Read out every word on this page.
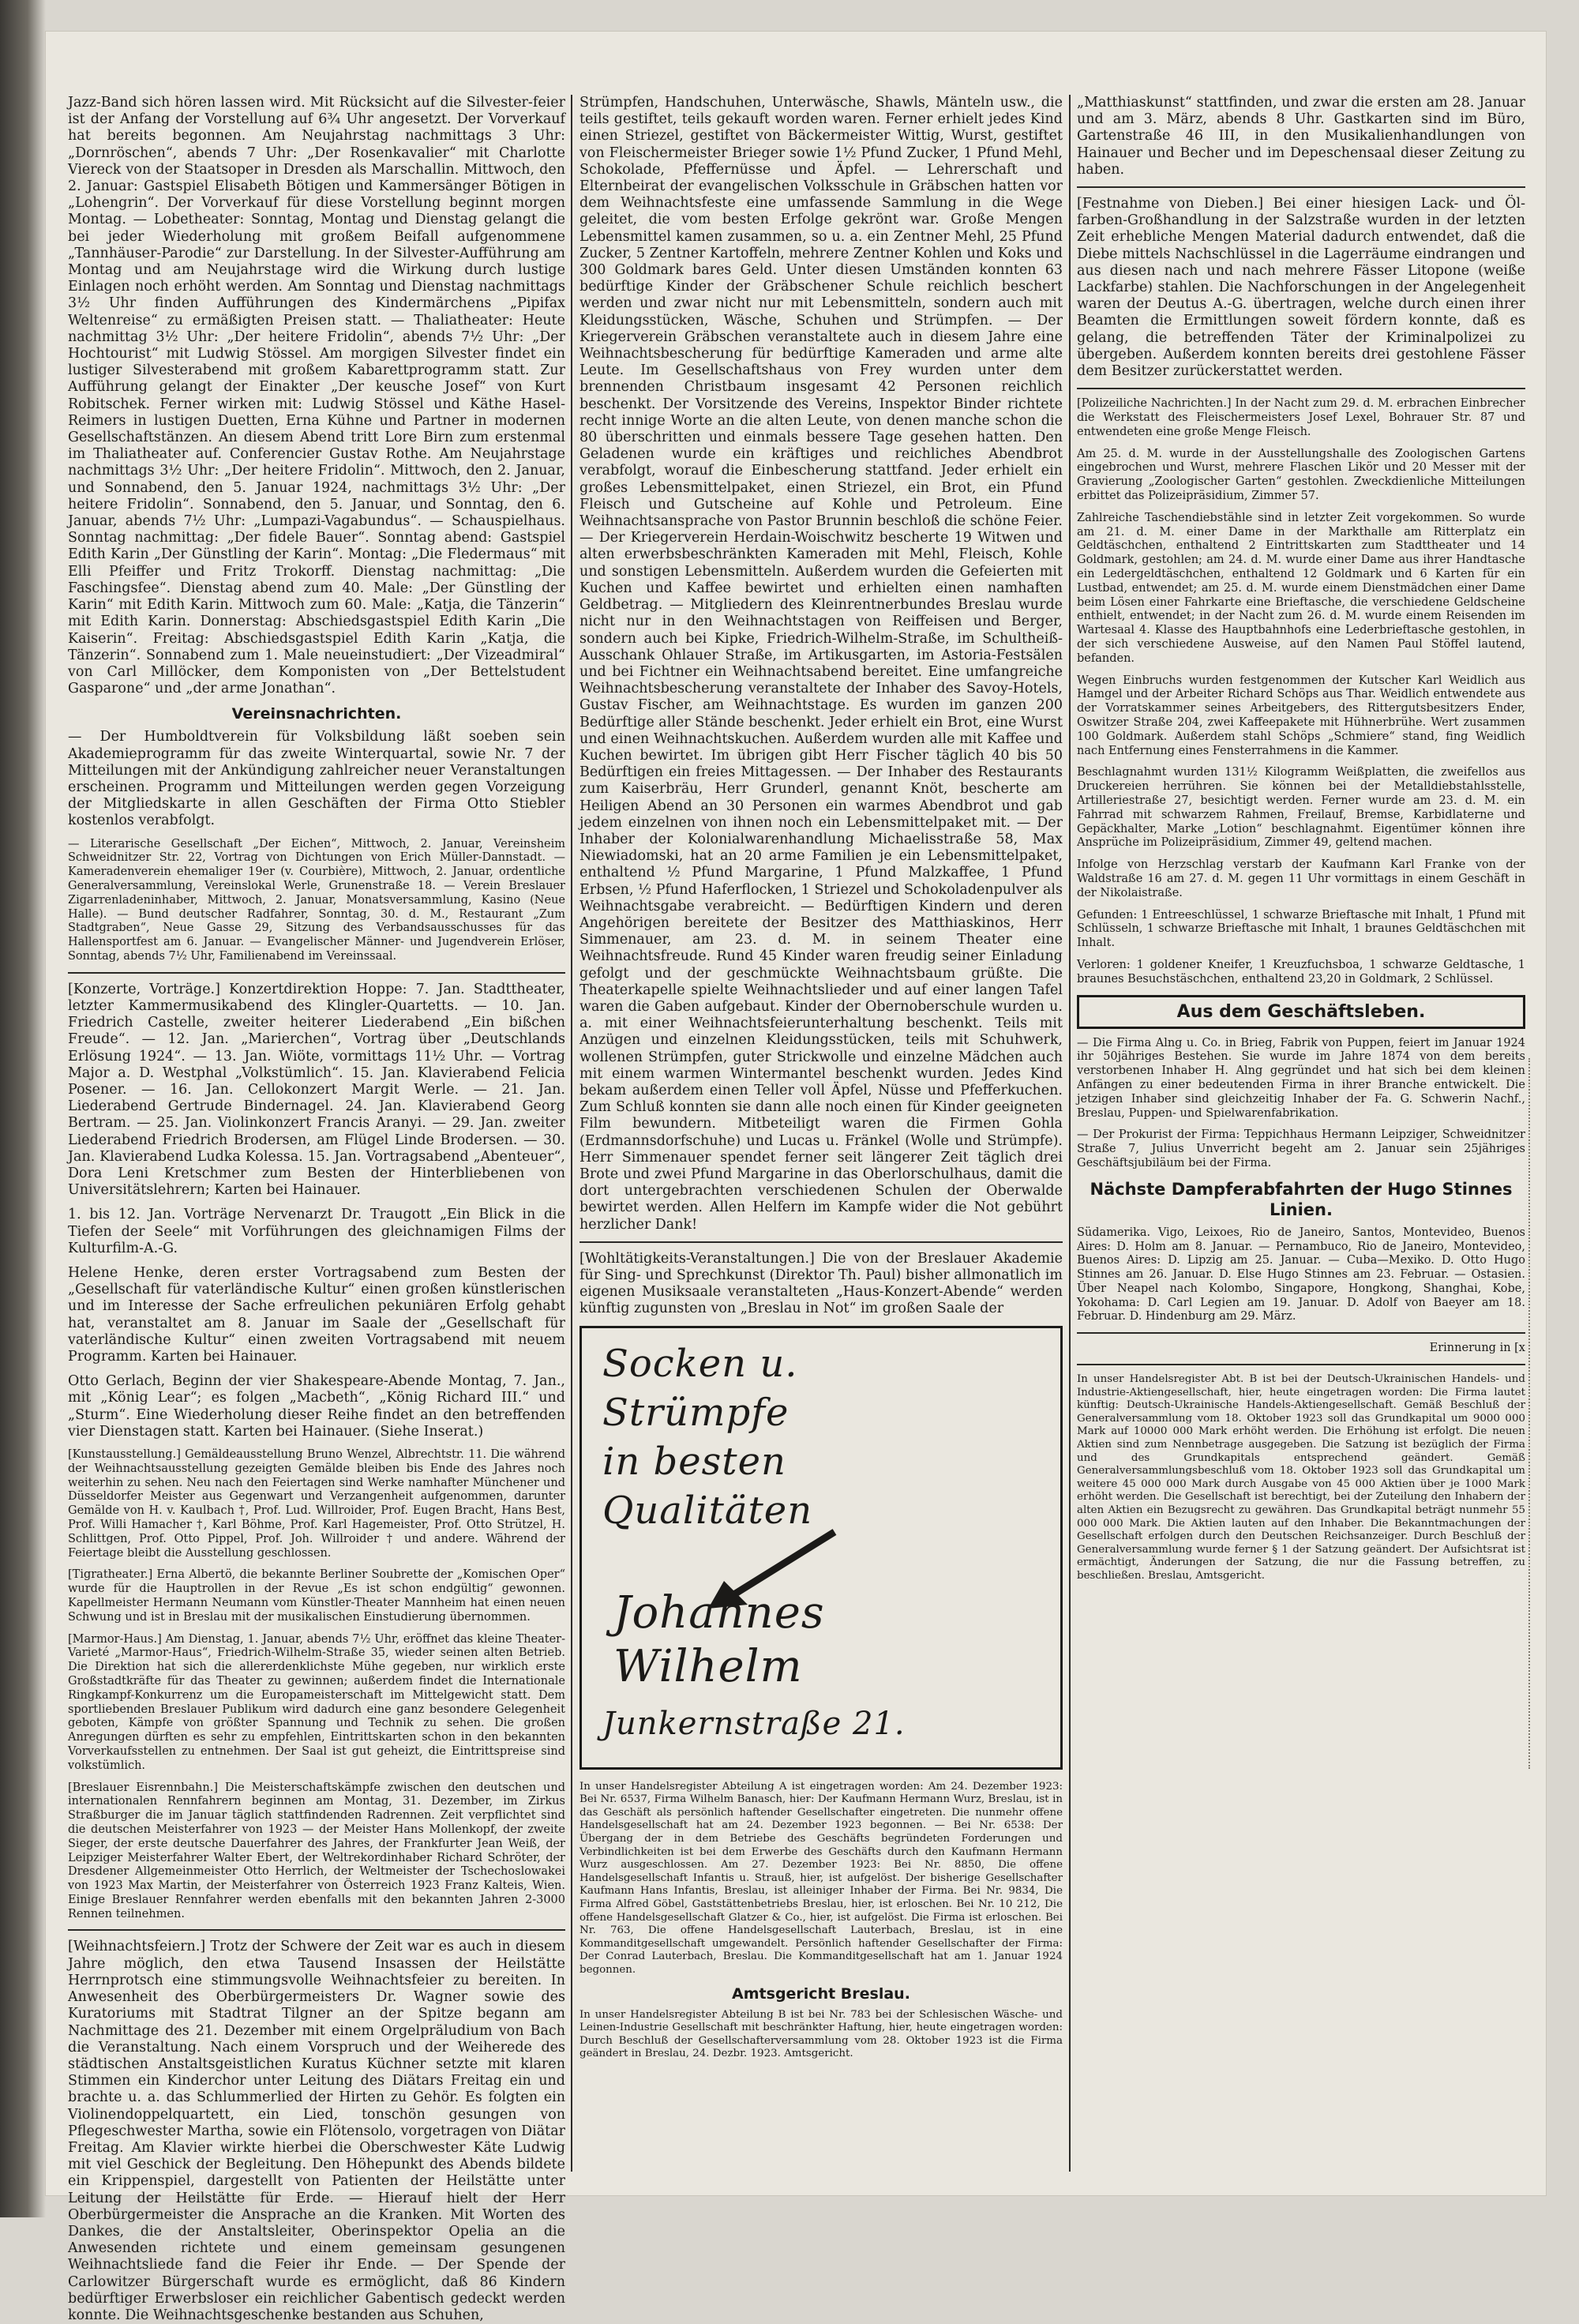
Jazz-Band sich hören lassen wird. Mit Rücksicht auf die Silvester-feier ist der Anfang der Vorstellung auf 6¾ Uhr angesetzt. Der Vorverkauf hat bereits begonnen. Am Neujahrstag nachmittags 3 Uhr: „Dornröschen“, abends 7 Uhr: „Der Rosenkavalier“ mit Charlotte Viereck von der Staatsoper in Dresden als Marschallin. Mittwoch, den 2. Januar: Gastspiel Elisabeth Bötigen und Kammersänger Bötigen in „Lohengrin“. Der Vorverkauf für diese Vorstellung beginnt morgen Montag. — Lobetheater: Sonntag, Montag und Dienstag gelangt die bei jeder Wiederholung mit großem Beifall aufgenommene „Tannhäuser-Parodie“ zur Darstellung. In der Silvester-Aufführung am Montag und am Neujahrstage wird die Wirkung durch lustige Einlagen noch erhöht werden. Am Sonntag und Dienstag nachmittags 3½ Uhr finden Aufführungen des Kindermärchens „Pipifax Weltenreise“ zu ermäßigten Preisen statt. — Thaliatheater: Heute nachmittag 3½ Uhr: „Der heitere Fridolin“, abends 7½ Uhr: „Der Hochtourist“ mit Ludwig Stössel. Am morgigen Silvester findet ein lustiger Silvesterabend mit großem Kabarettprogramm statt. Zur Aufführung gelangt der Einakter „Der keusche Josef“ von Kurt Robitschek. Ferner wirken mit: Ludwig Stössel und Käthe Hasel-Reimers in lustigen Duetten, Erna Kühne und Partner in modernen Gesellschaftstänzen. An diesem Abend tritt Lore Birn zum erstenmal im Thaliatheater auf. Conferencier Gustav Rothe. Am Neujahrstage nachmittags 3½ Uhr: „Der heitere Fridolin“. Mittwoch, den 2. Januar, und Sonnabend, den 5. Januar 1924, nachmittags 3½ Uhr: „Der heitere Fridolin“. Sonnabend, den 5. Januar, und Sonntag, den 6. Januar, abends 7½ Uhr: „Lumpazi-Vagabundus“. — Schauspielhaus. Sonntag nachmittag: „Der fidele Bauer“. Sonntag abend: Gastspiel Edith Karin „Der Günstling der Karin“. Montag: „Die Fledermaus“ mit Elli Pfeiffer und Fritz Trokorff. Dienstag nachmittag: „Die Faschingsfee“. Dienstag abend zum 40. Male: „Der Günstling der Karin“ mit Edith Karin. Mittwoch zum 60. Male: „Katja, die Tänzerin“ mit Edith Karin. Donnerstag: Abschiedsgastspiel Edith Karin „Die Kaiserin“. Freitag: Abschiedsgastspiel Edith Karin „Katja, die Tänzerin“. Sonnabend zum 1. Male neueinstudiert: „Der Vizeadmiral“ von Carl Millöcker, dem Komponisten von „Der Bettelstudent Gasparone“ und „der arme Jonathan“.

Vereinsnachrichten.

— Der Humboldtverein für Volksbildung läßt soeben sein Akademieprogramm für das zweite Winterquartal, sowie Nr. 7 der Mitteilungen mit der Ankündigung zahlreicher neuer Veranstaltungen erscheinen. Programm und Mitteilungen werden gegen Vorzeigung der Mitgliedskarte in allen Geschäften der Firma Otto Stiebler kostenlos verabfolgt.

— Literarische Gesellschaft „Der Eichen“, Mittwoch, 2. Januar, Vereinsheim Schweidnitzer Str. 22, Vortrag von Dichtungen von Erich Müller-Dannstadt. — Kameradenverein ehemaliger 19er (v. Courbière), Mittwoch, 2. Januar, ordentliche Generalversammlung, Vereinslokal Werle, Grunenstraße 18. — Verein Breslauer Zigarrenladeninhaber, Mittwoch, 2. Januar, Monatsversammlung, Kasino (Neue Halle). — Bund deutscher Radfahrer, Sonntag, 30. d. M., Restaurant „Zum Stadtgraben“, Neue Gasse 29, Sitzung des Verbandsausschusses für das Hallensportfest am 6. Januar. — Evangelischer Männer- und Jugendverein Erlöser, Sonntag, abends 7½ Uhr, Familienabend im Vereinssaal.

[Konzerte, Vorträge.] Konzertdirektion Hoppe: 7. Jan. Stadttheater, letzter Kammermusikabend des Klingler-Quartetts. — 10. Jan. Friedrich Castelle, zweiter heiterer Liederabend „Ein bißchen Freude“. — 12. Jan. „Marierchen“, Vortrag über „Deutschlands Erlösung 1924“. — 13. Jan. Wiöte, vormittags 11½ Uhr. — Vortrag Major a. D. Westphal „Volkstümlich“. 15. Jan. Klavierabend Felicia Posener. — 16. Jan. Cellokonzert Margit Werle. — 21. Jan. Liederabend Gertrude Bindernagel. 24. Jan. Klavierabend Georg Bertram. — 25. Jan. Violinkonzert Francis Aranyi. — 29. Jan. zweiter Liederabend Friedrich Brodersen, am Flügel Linde Brodersen. — 30. Jan. Klavierabend Ludka Kolessa. 15. Jan. Vortragsabend „Abenteuer“, Dora Leni Kretschmer zum Besten der Hinterbliebenen von Universitätslehrern; Karten bei Hainauer.

1. bis 12. Jan. Vorträge Nervenarzt Dr. Traugott „Ein Blick in die Tiefen der Seele“ mit Vorführungen des gleichnamigen Films der Kulturfilm-A.-G.

Helene Henke, deren erster Vortragsabend zum Besten der „Gesellschaft für vaterländische Kultur“ einen großen künstlerischen und im Interesse der Sache erfreulichen pekuniären Erfolg gehabt hat, veranstaltet am 8. Januar im Saale der „Gesellschaft für vaterländische Kultur“ einen zweiten Vortragsabend mit neuem Programm. Karten bei Hainauer.

Otto Gerlach, Beginn der vier Shakespeare-Abende Montag, 7. Jan., mit „König Lear“; es folgen „Macbeth“, „König Richard III.“ und „Sturm“. Eine Wiederholung dieser Reihe findet an den betreffenden vier Dienstagen statt. Karten bei Hainauer. (Siehe Inserat.)

[Kunstausstellung.] Gemäldeausstellung Bruno Wenzel, Albrechtstr. 11. Die während der Weihnachtsausstellung gezeigten Gemälde bleiben bis Ende des Jahres noch weiterhin zu sehen. Neu nach den Feiertagen sind Werke namhafter Münchener und Düsseldorfer Meister aus Gegenwart und Verzangenheit aufgenommen, darunter Gemälde von H. v. Kaulbach †, Prof. Lud. Willroider, Prof. Eugen Bracht, Hans Best, Prof. Willi Hamacher †, Karl Böhme, Prof. Karl Hagemeister, Prof. Otto Strützel, H. Schlittgen, Prof. Otto Pippel, Prof. Joh. Willroider † und andere. Während der Feiertage bleibt die Ausstellung geschlossen.

[Tigratheater.] Erna Albertö, die bekannte Berliner Soubrette der „Komischen Oper“ wurde für die Hauptrollen in der Revue „Es ist schon endgültig“ gewonnen. Kapellmeister Hermann Neumann vom Künstler-Theater Mannheim hat einen neuen Schwung und ist in Breslau mit der musikalischen Einstudierung übernommen.

[Marmor-Haus.] Am Dienstag, 1. Januar, abends 7½ Uhr, eröffnet das kleine Theater-Varieté „Marmor-Haus“, Friedrich-Wilhelm-Straße 35, wieder seinen alten Betrieb. Die Direktion hat sich die allererdenklichste Mühe gegeben, nur wirklich erste Großstadtkräfte für das Theater zu gewinnen; außerdem findet die Internationale Ringkampf-Konkurrenz um die Europameisterschaft im Mittelgewicht statt. Dem sportliebenden Breslauer Publikum wird dadurch eine ganz besondere Gelegenheit geboten, Kämpfe von größter Spannung und Technik zu sehen. Die großen Anregungen dürften es sehr zu empfehlen, Eintrittskarten schon in den bekannten Vorverkaufsstellen zu entnehmen. Der Saal ist gut geheizt, die Eintrittspreise sind volkstümlich.

[Breslauer Eisrennbahn.] Die Meisterschaftskämpfe zwischen den deutschen und internationalen Rennfahrern beginnen am Montag, 31. Dezember, im Zirkus Straßburger die im Januar täglich stattfindenden Radrennen. Zeit verpflichtet sind die deutschen Meisterfahrer von 1923 — der Meister Hans Mollenkopf, der zweite Sieger, der erste deutsche Dauerfahrer des Jahres, der Frankfurter Jean Weiß, der Leipziger Meisterfahrer Walter Ebert, der Weltrekordinhaber Richard Schröter, der Dresdener Allgemeinmeister Otto Herrlich, der Weltmeister der Tschechoslowakei von 1923 Max Martin, der Meisterfahrer von Österreich 1923 Franz Kalteis, Wien. Einige Breslauer Rennfahrer werden ebenfalls mit den bekannten Jahren 2-3000 Rennen teilnehmen.

[Weihnachtsfeiern.] Trotz der Schwere der Zeit war es auch in diesem Jahre möglich, den etwa Tausend Insassen der Heilstätte Herrnprotsch eine stimmungsvolle Weihnachtsfeier zu bereiten. In Anwesenheit des Oberbürgermeisters Dr. Wagner sowie des Kuratoriums mit Stadtrat Tilgner an der Spitze begann am Nachmittage des 21. Dezember mit einem Orgelpräludium von Bach die Veranstaltung. Nach einem Vorspruch und der Weiherede des städtischen Anstaltsgeistlichen Kuratus Küchner setzte mit klaren Stimmen ein Kinderchor unter Leitung des Diätars Freitag ein und brachte u. a. das Schlummerlied der Hirten zu Gehör. Es folgten ein Violinendoppelquartett, ein Lied, tonschön gesungen von Pflegeschwester Martha, sowie ein Flötensolo, vorgetragen von Diätar Freitag. Am Klavier wirkte hierbei die Oberschwester Käte Ludwig mit viel Geschick der Begleitung. Den Höhepunkt des Abends bildete ein Krippenspiel, dargestellt von Patienten der Heilstätte unter Leitung der Heilstätte für Erde. — Hierauf hielt der Herr Oberbürgermeister die Ansprache an die Kranken. Mit Worten des Dankes, die der Anstaltsleiter, Oberinspektor Opelia an die Anwesenden richtete und einem gemeinsam gesungenen Weihnachtsliede fand die Feier ihr Ende. — Der Spende der Carlowitzer Bürgerschaft wurde es ermöglicht, daß 86 Kindern bedürftiger Erwerbsloser ein reichlicher Gabentisch gedeckt werden konnte. Die Weihnachtsgeschenke bestanden aus Schuhen,

Strümpfen, Handschuhen, Unterwäsche, Shawls, Mänteln usw., die teils gestiftet, teils gekauft worden waren. Ferner erhielt jedes Kind einen Striezel, gestiftet von Bäckermeister Wittig, Wurst, gestiftet von Fleischermeister Brieger sowie 1½ Pfund Zucker, 1 Pfund Mehl, Schokolade, Pfeffernüsse und Äpfel. — Lehrerschaft und Elternbeirat der evangelischen Volksschule in Gräbschen hatten vor dem Weihnachtsfeste eine umfassende Sammlung in die Wege geleitet, die vom besten Erfolge gekrönt war. Große Mengen Lebensmittel kamen zusammen, so u. a. ein Zentner Mehl, 25 Pfund Zucker, 5 Zentner Kartoffeln, mehrere Zentner Kohlen und Koks und 300 Goldmark bares Geld. Unter diesen Umständen konnten 63 bedürftige Kinder der Gräbschener Schule reichlich beschert werden und zwar nicht nur mit Lebensmitteln, sondern auch mit Kleidungsstücken, Wäsche, Schuhen und Strümpfen. — Der Kriegerverein Gräbschen veranstaltete auch in diesem Jahre eine Weihnachtsbescherung für bedürftige Kameraden und arme alte Leute. Im Gesellschaftshaus von Frey wurden unter dem brennenden Christbaum insgesamt 42 Personen reichlich beschenkt. Der Vorsitzende des Vereins, Inspektor Binder richtete recht innige Worte an die alten Leute, von denen manche schon die 80 überschritten und einmals bessere Tage gesehen hatten. Den Geladenen wurde ein kräftiges und reichliches Abendbrot verabfolgt, worauf die Einbescherung stattfand. Jeder erhielt ein großes Lebensmittelpaket, einen Striezel, ein Brot, ein Pfund Fleisch und Gutscheine auf Kohle und Petroleum. Eine Weihnachtsansprache von Pastor Brunnin beschloß die schöne Feier. — Der Kriegerverein Herdain-Woischwitz bescherte 19 Witwen und alten erwerbsbeschränkten Kameraden mit Mehl, Fleisch, Kohle und sonstigen Lebensmitteln. Außerdem wurden die Gefeierten mit Kuchen und Kaffee bewirtet und erhielten einen namhaften Geldbetrag. — Mitgliedern des Kleinrentnerbundes Breslau wurde nicht nur in den Weihnachtstagen von Reiffeisen und Berger, sondern auch bei Kipke, Friedrich-Wilhelm-Straße, im Schultheiß-Ausschank Ohlauer Straße, im Artikusgarten, im Astoria-Festsälen und bei Fichtner ein Weihnachtsabend bereitet. Eine umfangreiche Weihnachtsbescherung veranstaltete der Inhaber des Savoy-Hotels, Gustav Fischer, am Weihnachtstage. Es wurden im ganzen 200 Bedürftige aller Stände beschenkt. Jeder erhielt ein Brot, eine Wurst und einen Weihnachtskuchen. Außerdem wurden alle mit Kaffee und Kuchen bewirtet. Im übrigen gibt Herr Fischer täglich 40 bis 50 Bedürftigen ein freies Mittagessen. — Der Inhaber des Restaurants zum Kaiserbräu, Herr Grunderl, genannt Knöt, bescherte am Heiligen Abend an 30 Personen ein warmes Abendbrot und gab jedem einzelnen von ihnen noch ein Lebensmittelpaket mit. — Der Inhaber der Kolonialwarenhandlung Michaelisstraße 58, Max Niewiadomski, hat an 20 arme Familien je ein Lebensmittelpaket, enthaltend ½ Pfund Margarine, 1 Pfund Malzkaffee, 1 Pfund Erbsen, ½ Pfund Haferflocken, 1 Striezel und Schokoladenpulver als Weihnachtsgabe verabreicht. — Bedürftigen Kindern und deren Angehörigen bereitete der Besitzer des Matthiaskinos, Herr Simmenauer, am 23. d. M. in seinem Theater eine Weihnachtsfreude. Rund 45 Kinder waren freudig seiner Einladung gefolgt und der geschmückte Weihnachtsbaum grüßte. Die Theaterkapelle spielte Weihnachtslieder und auf einer langen Tafel waren die Gaben aufgebaut. Kinder der Obernoberschule wurden u. a. mit einer Weihnachtsfeierunterhaltung beschenkt. Teils mit Anzügen und einzelnen Kleidungsstücken, teils mit Schuhwerk, wollenen Strümpfen, guter Strickwolle und einzelne Mädchen auch mit einem warmen Wintermantel beschenkt wurden. Jedes Kind bekam außerdem einen Teller voll Äpfel, Nüsse und Pfefferkuchen. Zum Schluß konnten sie dann alle noch einen für Kinder geeigneten Film bewundern. Mitbeteiligt waren die Firmen Gohla (Erdmannsdorfschuhe) und Lucas u. Fränkel (Wolle und Strümpfe). Herr Simmenauer spendet ferner seit längerer Zeit täglich drei Brote und zwei Pfund Margarine in das Oberlorschulhaus, damit die dort untergebrachten verschiedenen Schulen der Oberwalde bewirtet werden. Allen Helfern im Kampfe wider die Not gebührt herzlicher Dank!

[Wohltätigkeits-Veranstaltungen.] Die von der Breslauer Akademie für Sing- und Sprechkunst (Direktor Th. Paul) bisher allmonatlich im eigenen Musiksaale veranstalteten „Haus-Konzert-Abende“ werden künftig zugunsten von „Breslau in Not“ im großen Saale der

Socken u.
Strümpfe
in besten
Qualitäten
Johannes
Wilhelm
Junkernstraße 21.

In unser Handelsregister Abteilung A ist eingetragen worden: Am 24. Dezember 1923: Bei Nr. 6537, Firma Wilhelm Banasch, hier: Der Kaufmann Hermann Wurz, Breslau, ist in das Geschäft als persönlich haftender Gesellschafter eingetreten. Die nunmehr offene Handelsgesellschaft hat am 24. Dezember 1923 begonnen. — Bei Nr. 6538: Der Übergang der in dem Betriebe des Geschäfts begründeten Forderungen und Verbindlichkeiten ist bei dem Erwerbe des Geschäfts durch den Kaufmann Hermann Wurz ausgeschlossen. Am 27. Dezember 1923: Bei Nr. 8850, Die offene Handelsgesellschaft Infantis u. Strauß, hier, ist aufgelöst. Der bisherige Gesellschafter Kaufmann Hans Infantis, Breslau, ist alleiniger Inhaber der Firma. Bei Nr. 9834, Die Firma Alfred Göbel, Gaststättenbetriebs Breslau, hier, ist erloschen. Bei Nr. 10 212, Die offene Handelsgesellschaft Glatzer & Co., hier, ist aufgelöst. Die Firma ist erloschen. Bei Nr. 763, Die offene Handelsgesellschaft Lauterbach, Breslau, ist in eine Kommanditgesellschaft umgewandelt. Persönlich haftender Gesellschafter der Firma: Der Conrad Lauterbach, Breslau. Die Kommanditgesellschaft hat am 1. Januar 1924 begonnen.

Amtsgericht Breslau.

In unser Handelsregister Abteilung B ist bei Nr. 783 bei der Schlesischen Wäsche- und Leinen-Industrie Gesellschaft mit beschränkter Haftung, hier, heute eingetragen worden: Durch Beschluß der Gesellschafterversammlung vom 28. Oktober 1923 ist die Firma geändert in Breslau, 24. Dezbr. 1923. Amtsgericht.

„Matthiaskunst“ stattfinden, und zwar die ersten am 28. Januar und am 3. März, abends 8 Uhr. Gastkarten sind im Büro, Gartenstraße 46 III, in den Musikalienhandlungen von Hainauer und Becher und im Depeschensaal dieser Zeitung zu haben.

[Festnahme von Dieben.] Bei einer hiesigen Lack- und Öl-farben-Großhandlung in der Salzstraße wurden in der letzten Zeit erhebliche Mengen Material dadurch entwendet, daß die Diebe mittels Nachschlüssel in die Lagerräume eindrangen und aus diesen nach und nach mehrere Fässer Litopone (weiße Lackfarbe) stahlen. Die Nachforschungen in der Angelegenheit waren der Deutus A.-G. übertragen, welche durch einen ihrer Beamten die Ermittlungen soweit fördern konnte, daß es gelang, die betreffenden Täter der Kriminalpolizei zu übergeben. Außerdem konnten bereits drei gestohlene Fässer dem Besitzer zurückerstattet werden.

[Polizeiliche Nachrichten.] In der Nacht zum 29. d. M. erbrachen Einbrecher die Werkstatt des Fleischermeisters Josef Lexel, Bohrauer Str. 87 und entwendeten eine große Menge Fleisch.

Am 25. d. M. wurde in der Ausstellungshalle des Zoologischen Gartens eingebrochen und Wurst, mehrere Flaschen Likör und 20 Messer mit der Gravierung „Zoologischer Garten“ gestohlen. Zweckdienliche Mitteilungen erbittet das Polizeipräsidium, Zimmer 57.

Zahlreiche Taschendiebstähle sind in letzter Zeit vorgekommen. So wurde am 21. d. M. einer Dame in der Markthalle am Ritterplatz ein Geldtäschchen, enthaltend 2 Eintrittskarten zum Stadttheater und 14 Goldmark, gestohlen; am 24. d. M. wurde einer Dame aus ihrer Handtasche ein Ledergeldtäschchen, enthaltend 12 Goldmark und 6 Karten für ein Lustbad, entwendet; am 25. d. M. wurde einem Dienstmädchen einer Dame beim Lösen einer Fahrkarte eine Brieftasche, die verschiedene Geldscheine enthielt, entwendet; in der Nacht zum 26. d. M. wurde einem Reisenden im Wartesaal 4. Klasse des Hauptbahnhofs eine Lederbrieftasche gestohlen, in der sich verschiedene Ausweise, auf den Namen Paul Stöffel lautend, befanden.

Wegen Einbruchs wurden festgenommen der Kutscher Karl Weidlich aus Hamgel und der Arbeiter Richard Schöps aus Thar. Weidlich entwendete aus der Vorratskammer seines Arbeitgebers, des Rittergutsbesitzers Ender, Oswitzer Straße 204, zwei Kaffeepakete mit Hühnerbrühe. Wert zusammen 100 Goldmark. Außerdem stahl Schöps „Schmiere“ stand, fing Weidlich nach Entfernung eines Fensterrahmens in die Kammer.

Beschlagnahmt wurden 131½ Kilogramm Weißplatten, die zweifellos aus Druckereien herrühren. Sie können bei der Metalldiebstahlsstelle, Artilleriestraße 27, besichtigt werden. Ferner wurde am 23. d. M. ein Fahrrad mit schwarzem Rahmen, Freilauf, Bremse, Karbidlaterne und Gepäckhalter, Marke „Lotion“ beschlagnahmt. Eigentümer können ihre Ansprüche im Polizeipräsidium, Zimmer 49, geltend machen.

Infolge von Herzschlag verstarb der Kaufmann Karl Franke von der Waldstraße 16 am 27. d. M. gegen 11 Uhr vormittags in einem Geschäft in der Nikolaistraße.

Gefunden: 1 Entreeschlüssel, 1 schwarze Brieftasche mit Inhalt, 1 Pfund mit Schlüsseln, 1 schwarze Brieftasche mit Inhalt, 1 braunes Geldtäschchen mit Inhalt.

Verloren: 1 goldener Kneifer, 1 Kreuzfuchsboa, 1 schwarze Geldtasche, 1 braunes Besuchstäschchen, enthaltend 23,20 in Goldmark, 2 Schlüssel.

Aus dem Geschäftsleben.

— Die Firma Alng u. Co. in Brieg, Fabrik von Puppen, feiert im Januar 1924 ihr 50jähriges Bestehen. Sie wurde im Jahre 1874 von dem bereits verstorbenen Inhaber H. Alng gegründet und hat sich bei dem kleinen Anfängen zu einer bedeutenden Firma in ihrer Branche entwickelt. Die jetzigen Inhaber sind gleichzeitig Inhaber der Fa. G. Schwerin Nachf., Breslau, Puppen- und Spielwarenfabrikation.

— Der Prokurist der Firma: Teppichhaus Hermann Leipziger, Schweidnitzer Straße 7, Julius Unverricht begeht am 2. Januar sein 25jähriges Geschäftsjubiläum bei der Firma.

Nächste Dampferabfahrten der Hugo Stinnes Linien.

Südamerika. Vigo, Leixoes, Rio de Janeiro, Santos, Montevideo, Buenos Aires: D. Holm am 8. Januar. — Pernambuco, Rio de Janeiro, Montevideo, Buenos Aires: D. Lipzig am 25. Januar. — Cuba—Mexiko. D. Otto Hugo Stinnes am 26. Januar. D. Else Hugo Stinnes am 23. Februar. — Ostasien. Über Neapel nach Kolombo, Singapore, Hongkong, Shanghai, Kobe, Yokohama: D. Carl Legien am 19. Januar. D. Adolf von Baeyer am 18. Februar. D. Hindenburg am 29. März.

Erinnerung in [x

In unser Handelsregister Abt. B ist bei der Deutsch-Ukrainischen Handels- und Industrie-Aktiengesellschaft, hier, heute eingetragen worden: Die Firma lautet künftig: Deutsch-Ukrainische Handels-Aktiengesellschaft. Gemäß Beschluß der Generalversammlung vom 18. Oktober 1923 soll das Grundkapital um 9000 000 Mark auf 10000 000 Mark erhöht werden. Die Erhöhung ist erfolgt. Die neuen Aktien sind zum Nennbetrage ausgegeben. Die Satzung ist bezüglich der Firma und des Grundkapitals entsprechend geändert. Gemäß Generalversammlungsbeschluß vom 18. Oktober 1923 soll das Grundkapital um weitere 45 000 000 Mark durch Ausgabe von 45 000 Aktien über je 1000 Mark erhöht werden. Die Gesellschaft ist berechtigt, bei der Zuteilung den Inhabern der alten Aktien ein Bezugsrecht zu gewähren. Das Grundkapital beträgt nunmehr 55 000 000 Mark. Die Aktien lauten auf den Inhaber. Die Bekanntmachungen der Gesellschaft erfolgen durch den Deutschen Reichsanzeiger. Durch Beschluß der Generalversammlung wurde ferner § 1 der Satzung geändert. Der Aufsichtsrat ist ermächtigt, Änderungen der Satzung, die nur die Fassung betreffen, zu beschließen. Breslau, Amtsgericht.
